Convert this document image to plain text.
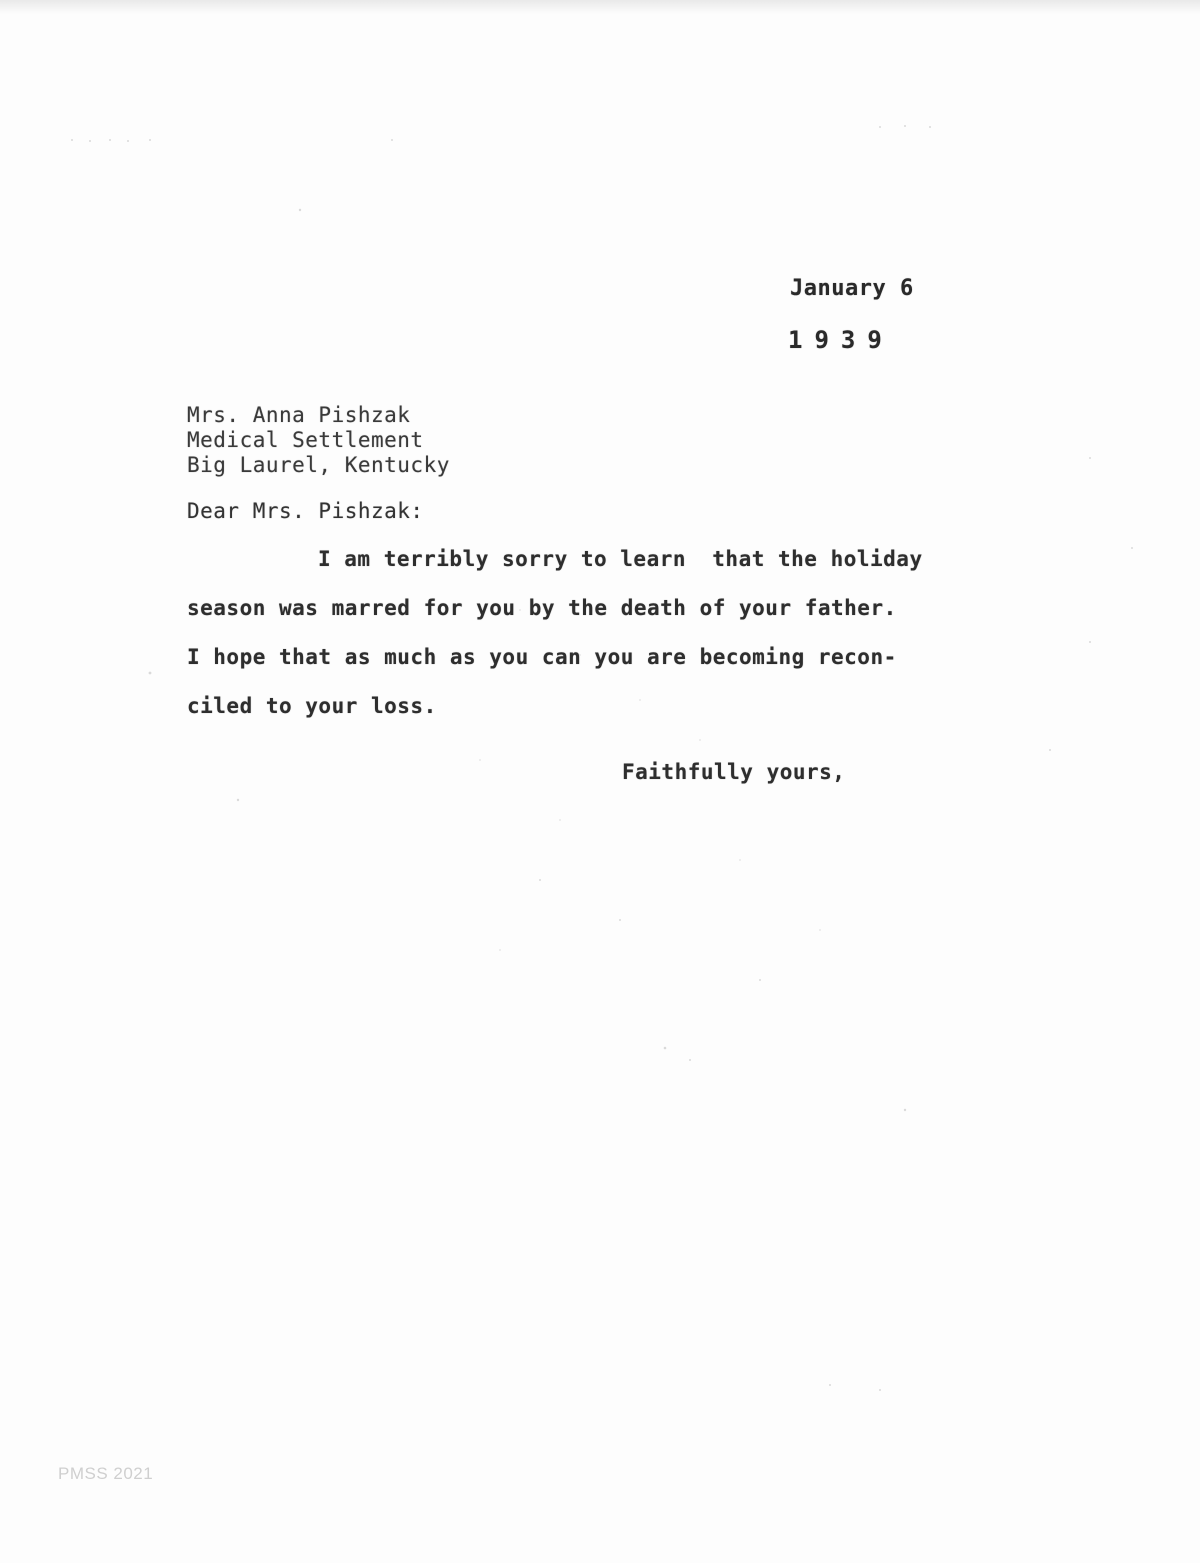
January 6
1939
Mrs. Anna Pishzak
Medical Settlement
Big Laurel, Kentucky
Dear Mrs. Pishzak:
I am terribly sorry to learn  that the holiday
season was marred for you by the death of your father.
I hope that as much as you can you are becoming recon-
ciled to your loss.
Faithfully yours,
PMSS 2021
